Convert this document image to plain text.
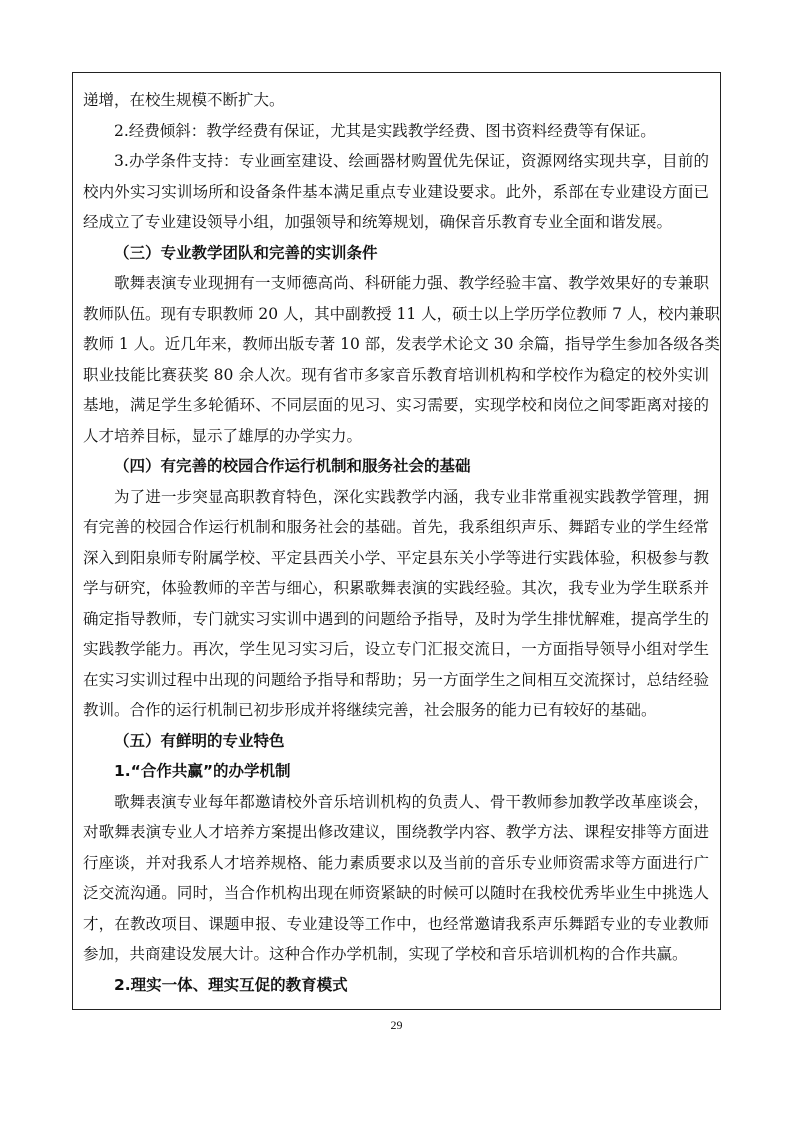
递增，在校生规模不断扩大。
2.经费倾斜：教学经费有保证，尤其是实践教学经费、图书资料经费等有保证。
3.办学条件支持：专业画室建设、绘画器材购置优先保证，资源网络实现共享，目前的
校内外实习实训场所和设备条件基本满足重点专业建设要求。此外，系部在专业建设方面已
经成立了专业建设领导小组，加强领导和统筹规划，确保音乐教育专业全面和谐发展。
（三）专业教学团队和完善的实训条件
歌舞表演专业现拥有一支师德高尚、科研能力强、教学经验丰富、教学效果好的专兼职
教师队伍。现有专职教师 20 人，其中副教授 11 人，硕士以上学历学位教师 7 人，校内兼职
教师 1 人。近几年来，教师出版专著 10 部，发表学术论文 30 余篇，指导学生参加各级各类
职业技能比赛获奖 80 余人次。现有省市多家音乐教育培训机构和学校作为稳定的校外实训
基地，满足学生多轮循环、不同层面的见习、实习需要，实现学校和岗位之间零距离对接的
人才培养目标，显示了雄厚的办学实力。
（四）有完善的校园合作运行机制和服务社会的基础
为了进一步突显高职教育特色，深化实践教学内涵，我专业非常重视实践教学管理，拥
有完善的校园合作运行机制和服务社会的基础。首先，我系组织声乐、舞蹈专业的学生经常
深入到阳泉师专附属学校、平定县西关小学、平定县东关小学等进行实践体验，积极参与教
学与研究，体验教师的辛苦与细心，积累歌舞表演的实践经验。其次，我专业为学生联系并
确定指导教师，专门就实习实训中遇到的问题给予指导，及时为学生排忧解难，提高学生的
实践教学能力。再次，学生见习实习后，设立专门汇报交流日，一方面指导领导小组对学生
在实习实训过程中出现的问题给予指导和帮助；另一方面学生之间相互交流探讨，总结经验
教训。合作的运行机制已初步形成并将继续完善，社会服务的能力已有较好的基础。
（五）有鲜明的专业特色
1.“合作共赢”的办学机制
歌舞表演专业每年都邀请校外音乐培训机构的负责人、骨干教师参加教学改革座谈会，
对歌舞表演专业人才培养方案提出修改建议，围绕教学内容、教学方法、课程安排等方面进
行座谈，并对我系人才培养规格、能力素质要求以及当前的音乐专业师资需求等方面进行广
泛交流沟通。同时，当合作机构出现在师资紧缺的时候可以随时在我校优秀毕业生中挑选人
才，在教改项目、课题申报、专业建设等工作中，也经常邀请我系声乐舞蹈专业的专业教师
参加，共商建设发展大计。这种合作办学机制，实现了学校和音乐培训机构的合作共赢。
2.理实一体、理实互促的教育模式
29
